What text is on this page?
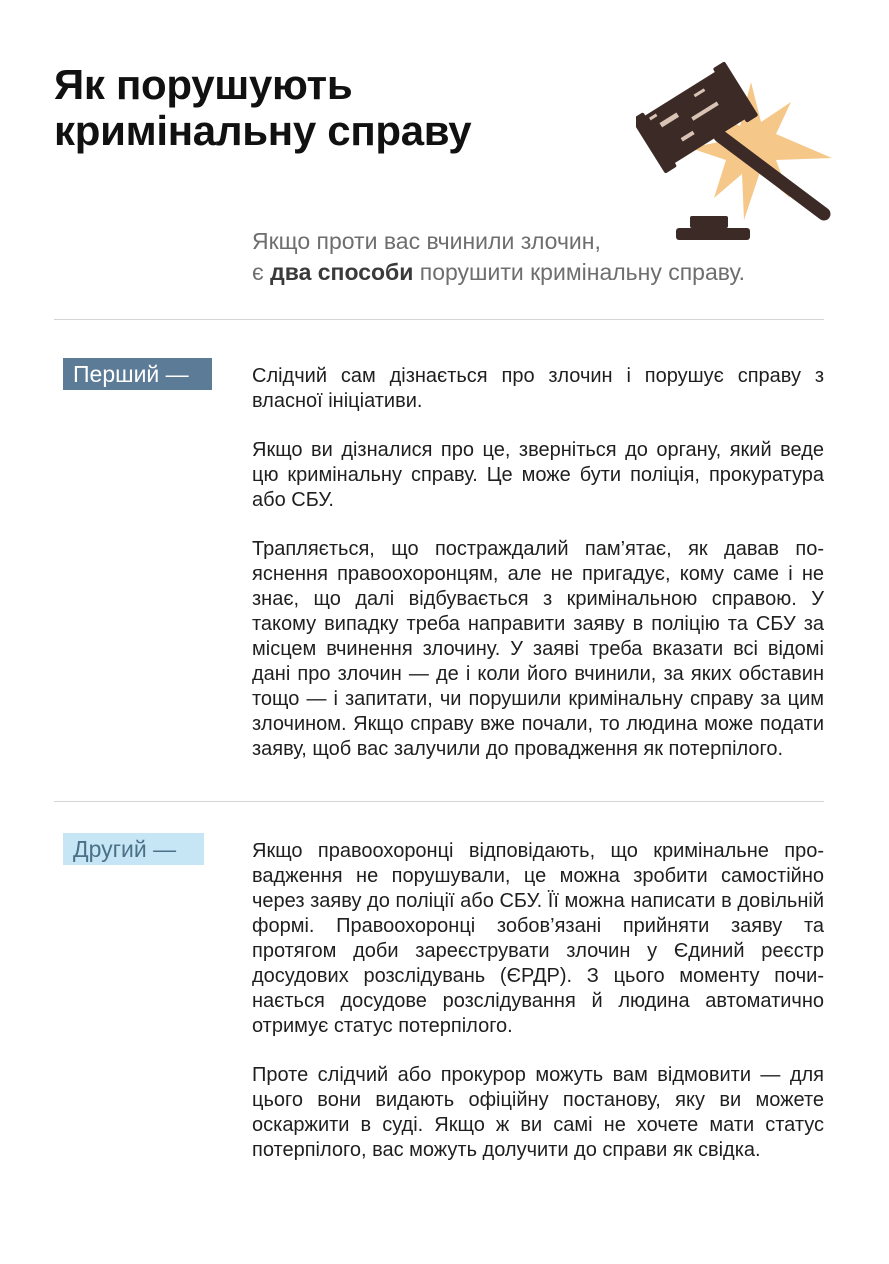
Як порушують
кримінальну справу
Якщо проти вас вчинили злочин,
є два способи порушити кримінальну справу.
Перший —	Слідчий сам дізнається про злочин і порушує справу з власної ініціативи.

Якщо ви дізналися про це, зверніться до органу, який веде цю кримінальну справу. Це може бути поліція, прокуратура або СБУ.

Трапляється, що постраждалий пам’ятає, як давав пояснення правоохоронцям, але не пригадує, кому саме і не знає, що далі відбувається з кримінальною справою. У такому випадку треба направити заяву в поліцію та СБУ за місцем вчинення злочину. У заяві треба вказати всі відомі дані про злочин — де і коли його вчинили, за яких обставин тощо — і запитати, чи порушили кримінальну справу за цим злочином. Якщо справу вже почали, то людина може подати заяву, щоб вас залучили до провадження як потерпілого.

Другий —	Якщо правоохоронці відповідають, що кримінальне провадження не порушували, це можна зробити самостійно через заяву до поліції або СБУ. Її можна написати в довільній формі. Правоохоронці зобов’язані прийняти заяву та протягом доби зареєструвати злочин у Єдиний реєстр досудових розслідувань (ЄРДР). З цього моменту починається досудове розслідування й людина автоматично отримує статус потерпілого.

Проте слідчий або прокурор можуть вам відмовити — для цього вони видають офіційну постанову, яку ви можете оскаржити в суді. Якщо ж ви самі не хочете мати статус потерпілого, вас можуть долучити до справи як свідка.
